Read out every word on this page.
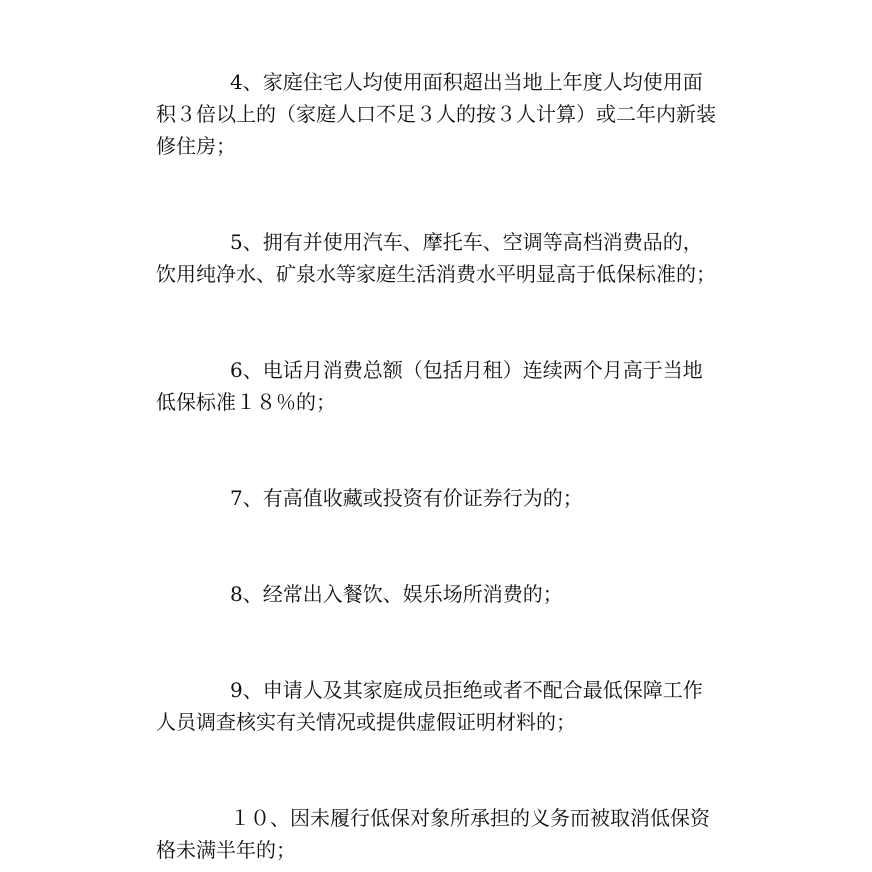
4、家庭住宅人均使用面积超出当地上年度人均使用面
积３倍以上的（家庭人口不足３人的按３人计算）或二年内新装
修住房；

5、拥有并使用汽车、摩托车、空调等高档消费品的，
饮用纯净水、矿泉水等家庭生活消费水平明显高于低保标准的；

6、电话月消费总额（包括月租）连续两个月高于当地
低保标准１８％的；

7、有高值收藏或投资有价证券行为的；

8、经常出入餐饮、娱乐场所消费的；

9、申请人及其家庭成员拒绝或者不配合最低保障工作
人员调查核实有关情况或提供虚假证明材料的；

１０、因未履行低保对象所承担的义务而被取消低保资
格未满半年的；
